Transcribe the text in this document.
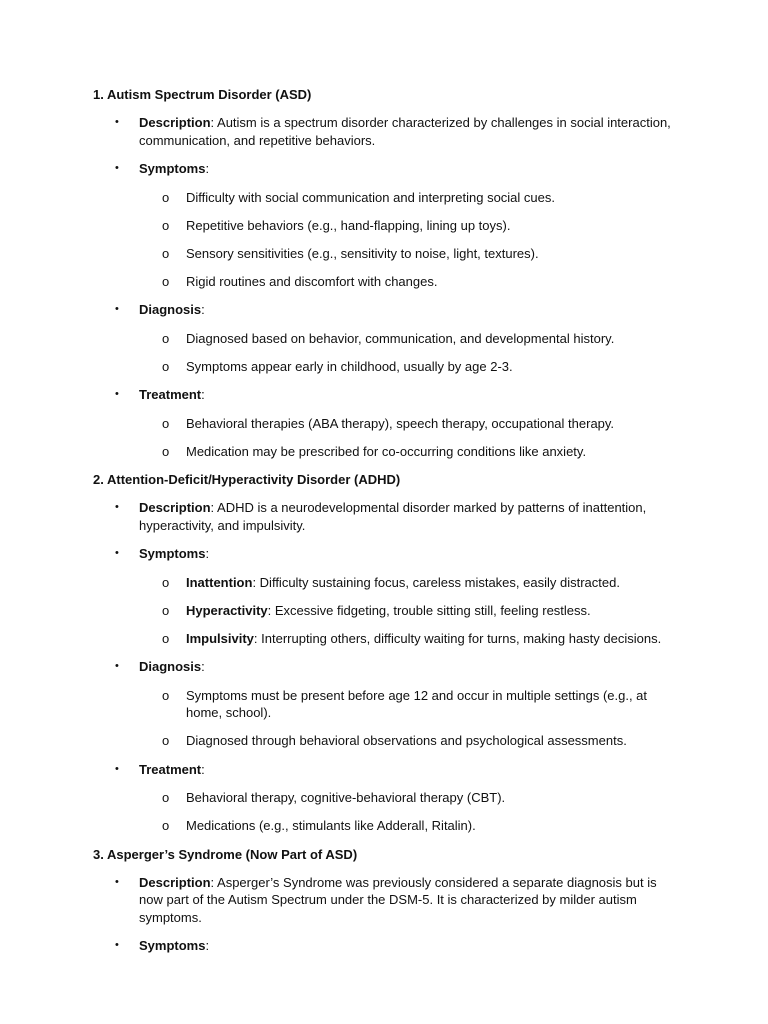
1. Autism Spectrum Disorder (ASD)
• Description: Autism is a spectrum disorder characterized by challenges in social interaction, communication, and repetitive behaviors.
• Symptoms:
o Difficulty with social communication and interpreting social cues.
o Repetitive behaviors (e.g., hand-flapping, lining up toys).
o Sensory sensitivities (e.g., sensitivity to noise, light, textures).
o Rigid routines and discomfort with changes.
• Diagnosis:
o Diagnosed based on behavior, communication, and developmental history.
o Symptoms appear early in childhood, usually by age 2-3.
• Treatment:
o Behavioral therapies (ABA therapy), speech therapy, occupational therapy.
o Medication may be prescribed for co-occurring conditions like anxiety.
2. Attention-Deficit/Hyperactivity Disorder (ADHD)
• Description: ADHD is a neurodevelopmental disorder marked by patterns of inattention, hyperactivity, and impulsivity.
• Symptoms:
o Inattention: Difficulty sustaining focus, careless mistakes, easily distracted.
o Hyperactivity: Excessive fidgeting, trouble sitting still, feeling restless.
o Impulsivity: Interrupting others, difficulty waiting for turns, making hasty decisions.
• Diagnosis:
o Symptoms must be present before age 12 and occur in multiple settings (e.g., at home, school).
o Diagnosed through behavioral observations and psychological assessments.
• Treatment:
o Behavioral therapy, cognitive-behavioral therapy (CBT).
o Medications (e.g., stimulants like Adderall, Ritalin).
3. Asperger’s Syndrome (Now Part of ASD)
• Description: Asperger’s Syndrome was previously considered a separate diagnosis but is now part of the Autism Spectrum under the DSM-5. It is characterized by milder autism symptoms.
• Symptoms:
